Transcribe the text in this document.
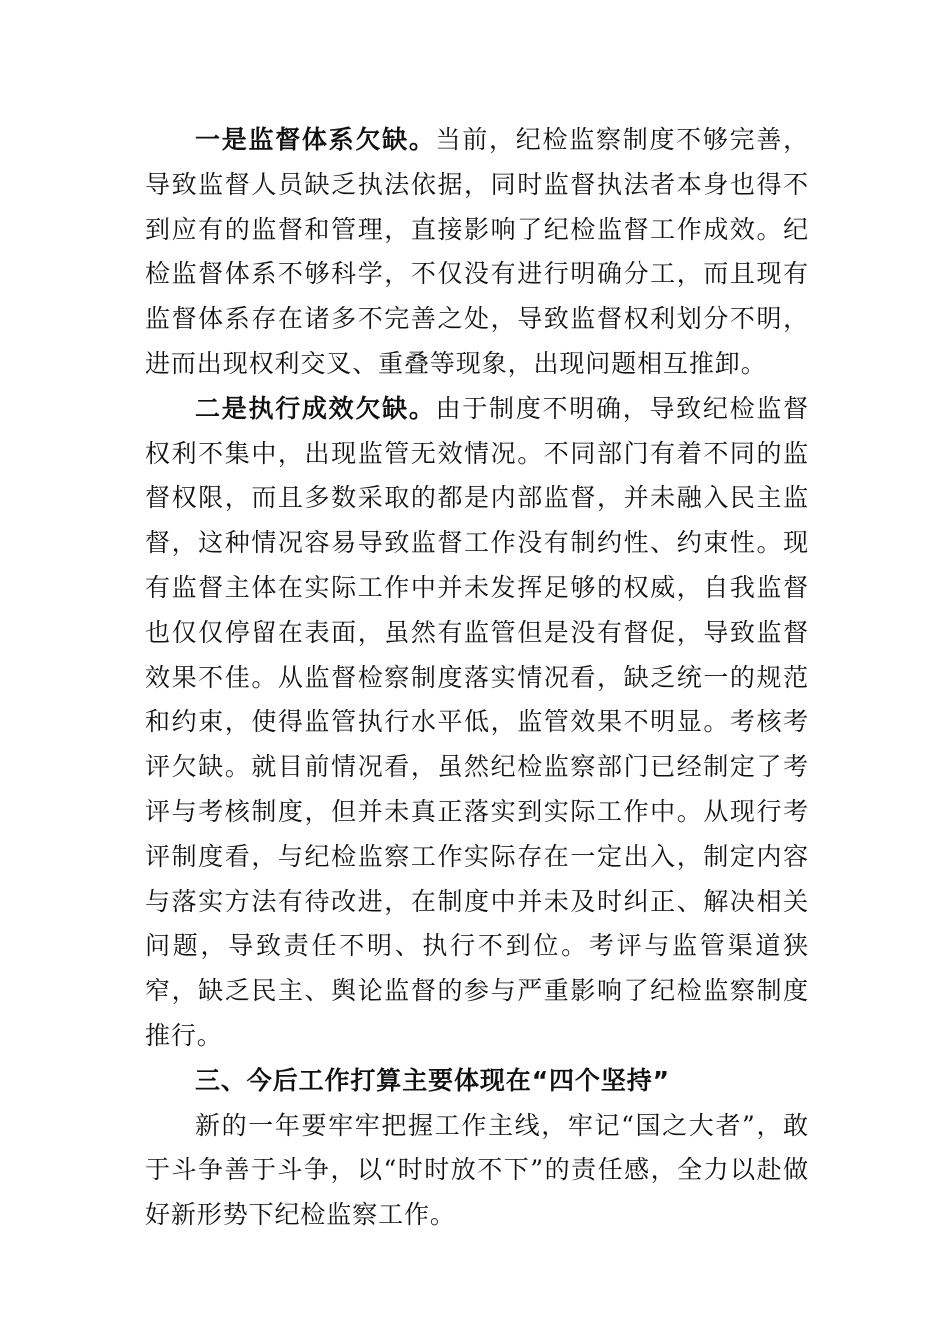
一是监督体系欠缺。当前，纪检监察制度不够完善，导致监督人员缺乏执法依据，同时监督执法者本身也得不到应有的监督和管理，直接影响了纪检监督工作成效。纪检监督体系不够科学，不仅没有进行明确分工，而且现有监督体系存在诸多不完善之处，导致监督权利划分不明，进而出现权利交叉、重叠等现象，出现问题相互推卸。

二是执行成效欠缺。由于制度不明确，导致纪检监督权利不集中，出现监管无效情况。不同部门有着不同的监督权限，而且多数采取的都是内部监督，并未融入民主监督，这种情况容易导致监督工作没有制约性、约束性。现有监督主体在实际工作中并未发挥足够的权威，自我监督也仅仅停留在表面，虽然有监管但是没有督促，导致监督效果不佳。从监督检察制度落实情况看，缺乏统一的规范和约束，使得监管执行水平低，监管效果不明显。考核考评欠缺。就目前情况看，虽然纪检监察部门已经制定了考评与考核制度，但并未真正落实到实际工作中。从现行考评制度看，与纪检监察工作实际存在一定出入，制定内容与落实方法有待改进，在制度中并未及时纠正、解决相关问题，导致责任不明、执行不到位。考评与监管渠道狭窄，缺乏民主、舆论监督的参与严重影响了纪检监察制度推行。

三、今后工作打算主要体现在“四个坚持”

新的一年要牢牢把握工作主线，牢记“国之大者”，敢于斗争善于斗争，以“时时放不下”的责任感，全力以赴做好新形势下纪检监察工作。
